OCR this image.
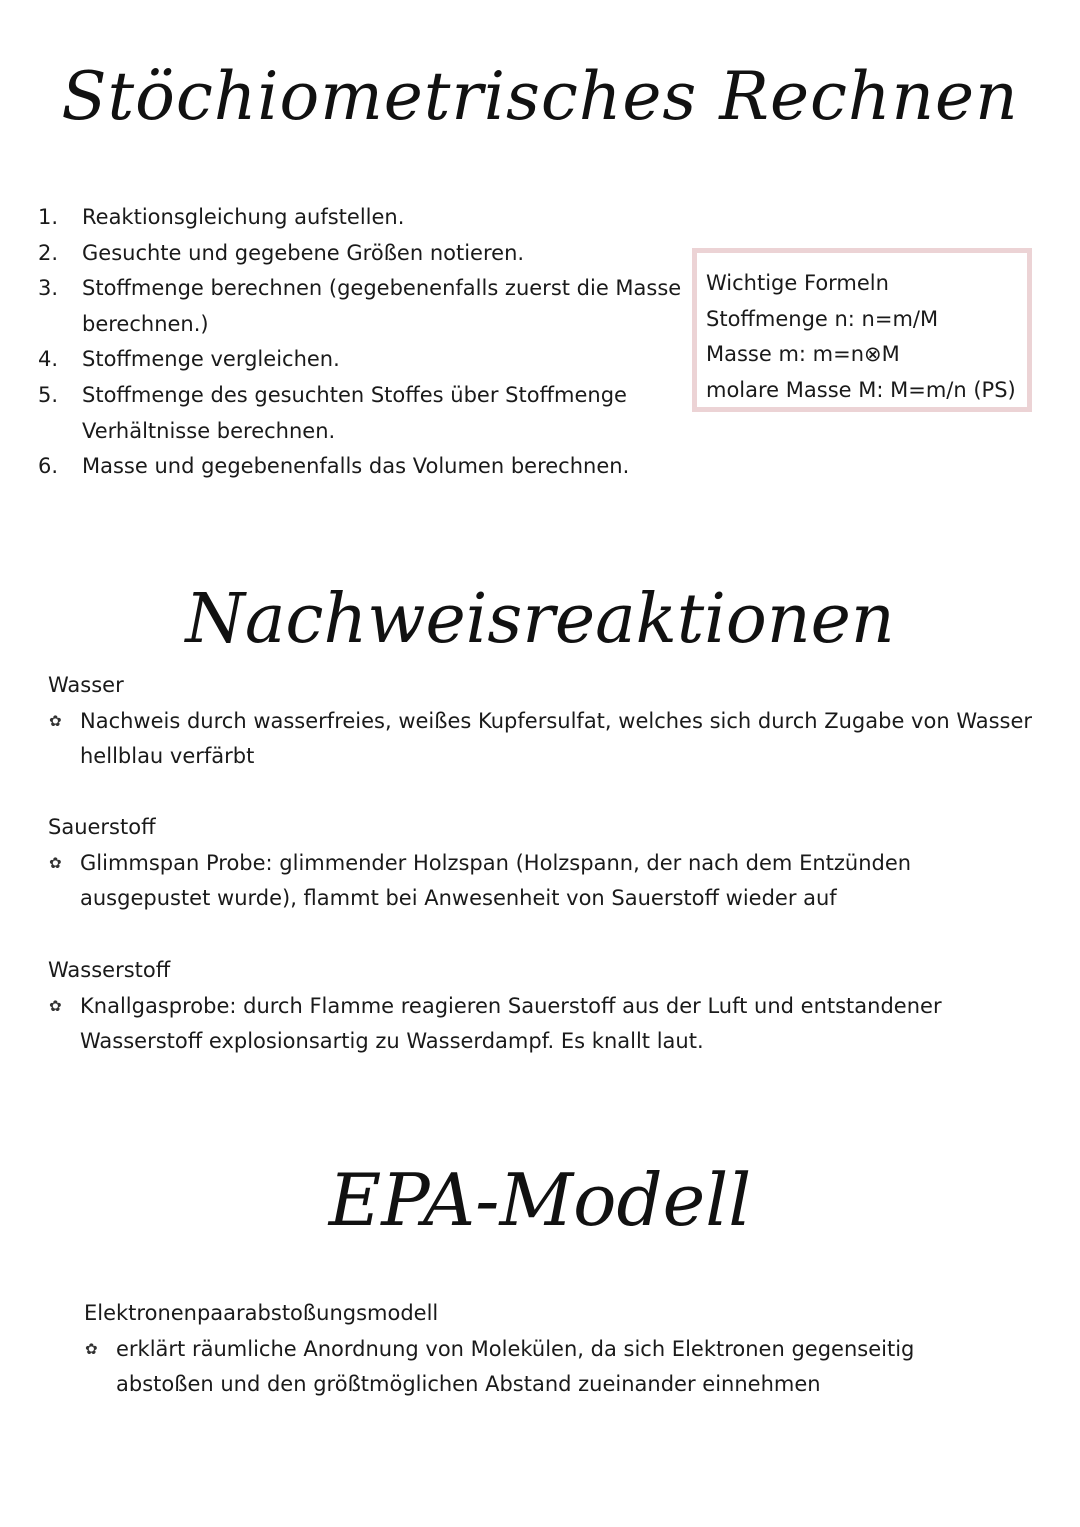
Stöchiometrisches Rechnen
1. Reaktionsgleichung aufstellen.
2. Gesuchte und gegebene Größen notieren.
3. Stoffmenge berechnen (gegebenenfalls zuerst die Masse berechnen.)
4. Stoffmenge vergleichen.
5. Stoffmenge des gesuchten Stoffes über Stoffmenge Verhältnisse berechnen.
6. Masse und gegebenenfalls das Volumen berechnen.
Wichtige Formeln
Stoffmenge n: n=m/M
Masse m: m=n⊗M
molare Masse M: M=m/n (PS)
Nachweisreaktionen
Wasser
✿ Nachweis durch wasserfreies, weißes Kupfersulfat, welches sich durch Zugabe von Wasser hellblau verfärbt
Sauerstoff
✿ Glimmspan Probe: glimmender Holzspan (Holzspann, der nach dem Entzünden ausgepustet wurde), flammt bei Anwesenheit von Sauerstoff wieder auf
Wasserstoff
✿ Knallgasprobe: durch Flamme reagieren Sauerstoff aus der Luft und entstandener Wasserstoff explosionsartig zu Wasserdampf. Es knallt laut.
EPA-Modell
Elektronenpaarabstoßungsmodell
✿ erklärt räumliche Anordnung von Molekülen, da sich Elektronen gegenseitig abstoßen und den größtmöglichen Abstand zueinander einnehmen
